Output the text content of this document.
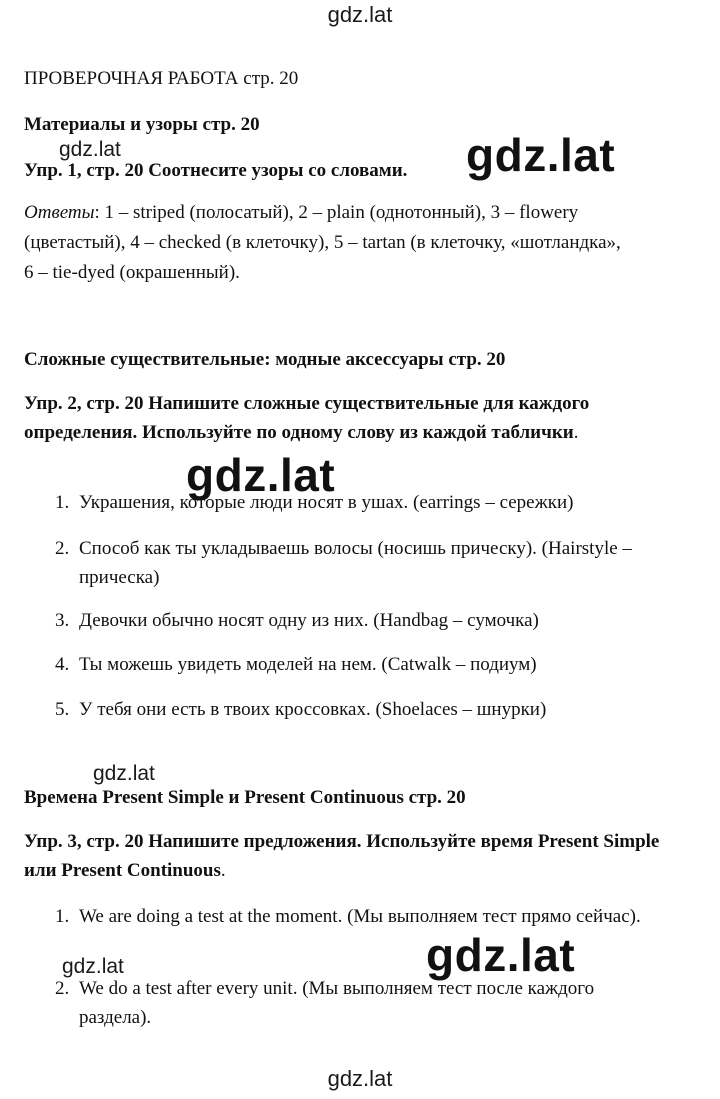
gdz.lat
ПРОВЕРОЧНАЯ РАБОТА стр. 20
Материалы и узоры стр. 20
Упр. 1, стр. 20 Соотнесите узоры со словами.
gdz.lat	gdz.lat

Ответы: 1 – striped (полосатый), 2 – plain (однотонный), 3 – flowery (цветастый), 4 – checked (в клеточку), 5 – tartan (в клеточку, «шотландка», 6 – tie-dyed (окрашенный).

Сложные существительные: модные аксессуары стр. 20

Упр. 2, стр. 20 Напишите сложные существительные для каждого определения. Используйте по одному слову из каждой таблички.

1. Украшения, которые люди носят в ушах. (earrings – сережки)
2. Способ как ты укладываешь волосы (носишь прическу). (Hairstyle – прическа)
3. Девочки обычно носят одну из них. (Handbag – сумочка)
4. Ты можешь увидеть моделей на нем. (Catwalk – подиум)
5. У тебя они есть в твоих кроссовках. (Shoelaces – шнурки)
gdz.lat
gdz.lat
Времена Present Simple и Present Continuous стр. 20

Упр. 3, стр. 20 Напишите предложения. Используйте время Present Simple или Present Continuous.

1. We are doing a test at the moment. (Мы выполняем тест прямо сейчас).
2. We do a test after every unit. (Мы выполняем тест после каждого раздела).
gdz.lat	gdz.lat
gdz.lat
